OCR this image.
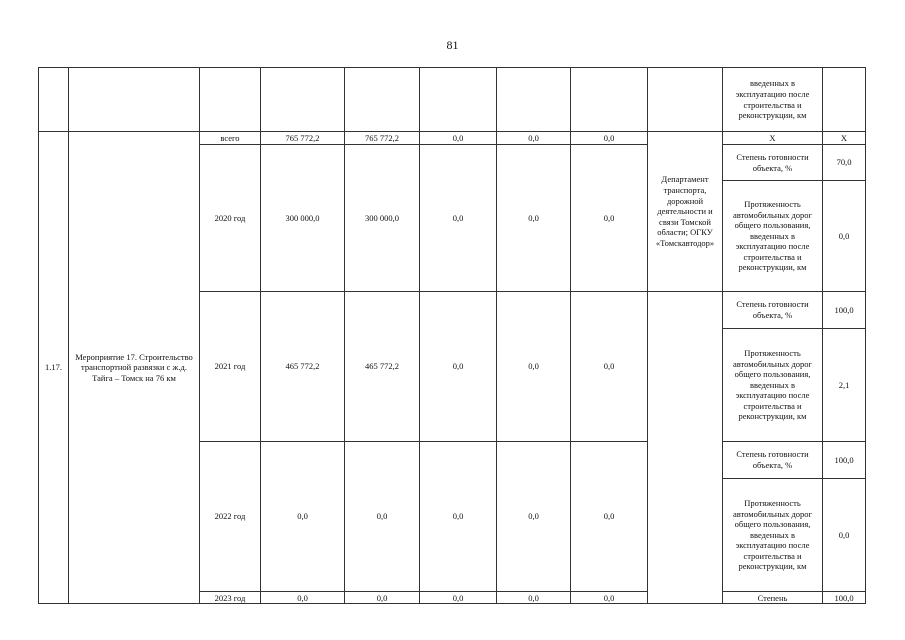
81
									введенных в эксплуатацию после строительства и реконструкции, км	
1.17.	Мероприятие 17. Строительство транспортной развязки с ж.д. Тайга – Томск на 76 км	всего	765 772,2	765 772,2	0,0	0,0	0,0	Департамент транспорта, дорожной деятельности и связи Томской области; ОГКУ «Томскавтодор»	Х	Х
		2020 год	300 000,0	300 000,0	0,0	0,0	0,0		Степень готовности объекта, %	70,0
									Протяженность автомобильных дорог общего пользования, введенных в эксплуатацию после строительства и реконструкции, км	0,0
		2021 год	465 772,2	465 772,2	0,0	0,0	0,0		Степень готовности объекта, %	100,0
									Протяженность автомобильных дорог общего пользования, введенных в эксплуатацию после строительства и реконструкции, км	2,1
		2022 год	0,0	0,0	0,0	0,0	0,0		Степень готовности объекта, %	100,0
									Протяженность автомобильных дорог общего пользования, введенных в эксплуатацию после строительства и реконструкции, км	0,0
		2023 год	0,0	0,0	0,0	0,0	0,0		Степень	100,0
